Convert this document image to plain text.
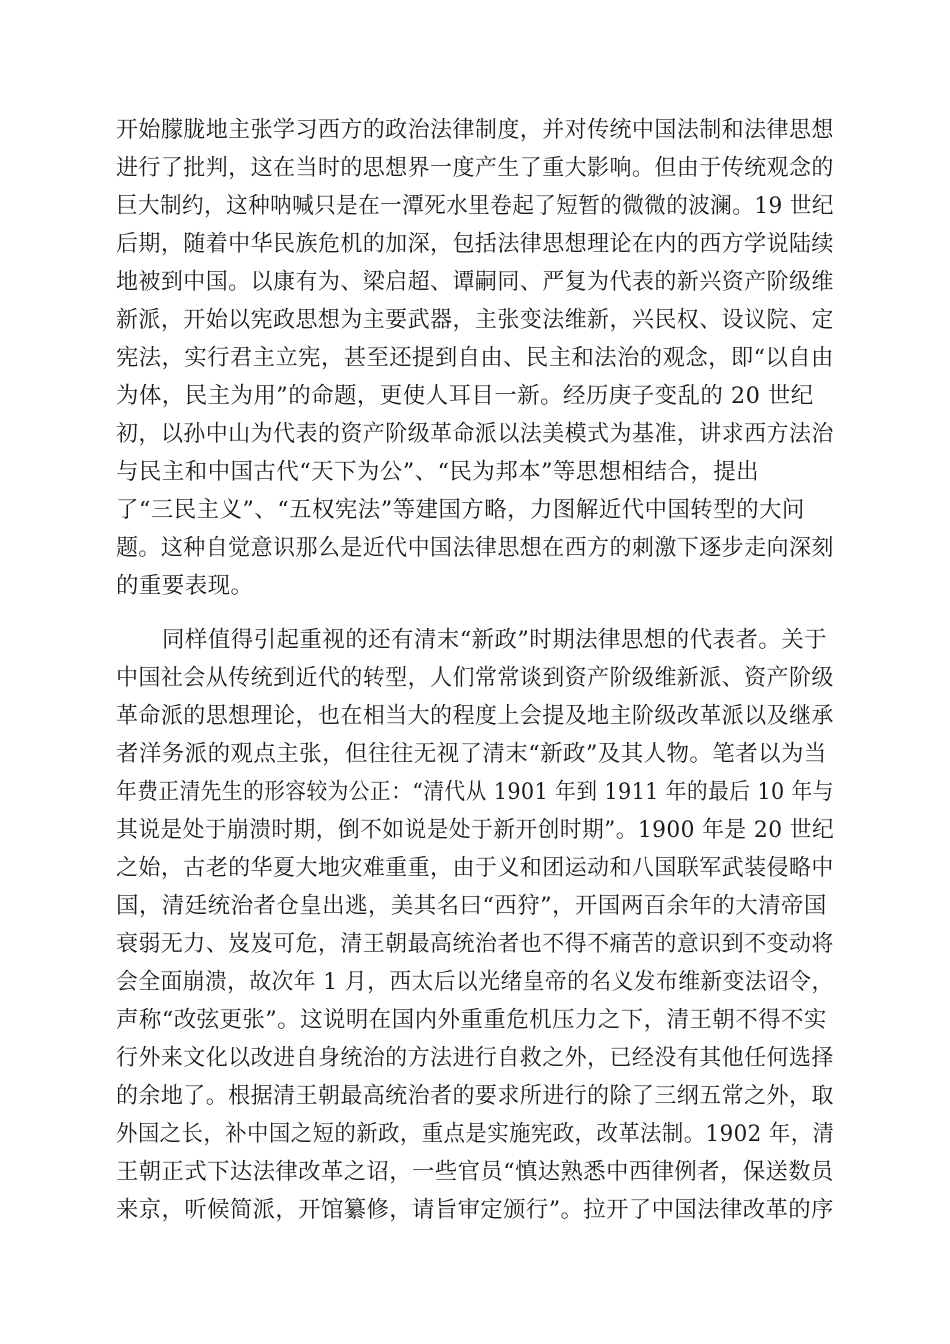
开始朦胧地主张学习西方的政治法律制度，并对传统中国法制和法律思想
进行了批判，这在当时的思想界一度产生了重大影响。但由于传统观念的
巨大制约，这种呐喊只是在一潭死水里卷起了短暂的微微的波澜。19 世纪
后期，随着中华民族危机的加深，包括法律思想理论在内的西方学说陆续
地被到中国。以康有为、梁启超、谭嗣同、严复为代表的新兴资产阶级维
新派，开始以宪政思想为主要武器，主张变法维新，兴民权、设议院、定
宪法，实行君主立宪，甚至还提到自由、民主和法治的观念，即“以自由
为体，民主为用”的命题，更使人耳目一新。经历庚子变乱的 20 世纪
初，以孙中山为代表的资产阶级革命派以法美模式为基准，讲求西方法治
与民主和中国古代“天下为公”、“民为邦本”等思想相结合，提出
了“三民主义”、“五权宪法”等建国方略，力图解近代中国转型的大问
题。这种自觉意识那么是近代中国法律思想在西方的刺激下逐步走向深刻
的重要表现。
同样值得引起重视的还有清末“新政”时期法律思想的代表者。关于
中国社会从传统到近代的转型，人们常常谈到资产阶级维新派、资产阶级
革命派的思想理论，也在相当大的程度上会提及地主阶级改革派以及继承
者洋务派的观点主张，但往往无视了清末“新政”及其人物。笔者以为当
年费正清先生的形容较为公正：“清代从 1901 年到 1911 年的最后 10 年与
其说是处于崩溃时期，倒不如说是处于新开创时期”。1900 年是 20 世纪
之始，古老的华夏大地灾难重重，由于义和团运动和八国联军武装侵略中
国，清廷统治者仓皇出逃，美其名曰“西狩”，开国两百余年的大清帝国
衰弱无力、岌岌可危，清王朝最高统治者也不得不痛苦的意识到不变动将
会全面崩溃，故次年 1 月，西太后以光绪皇帝的名义发布维新变法诏令，
声称“改弦更张”。这说明在国内外重重危机压力之下，清王朝不得不实
行外来文化以改进自身统治的方法进行自救之外，已经没有其他任何选择
的余地了。根据清王朝最高统治者的要求所进行的除了三纲五常之外，取
外国之长，补中国之短的新政，重点是实施宪政，改革法制。1902 年，清
王朝正式下达法律改革之诏，一些官员“慎达熟悉中西律例者，保送数员
来京，听候简派，开馆纂修，请旨审定颁行”。拉开了中国法律改革的序
